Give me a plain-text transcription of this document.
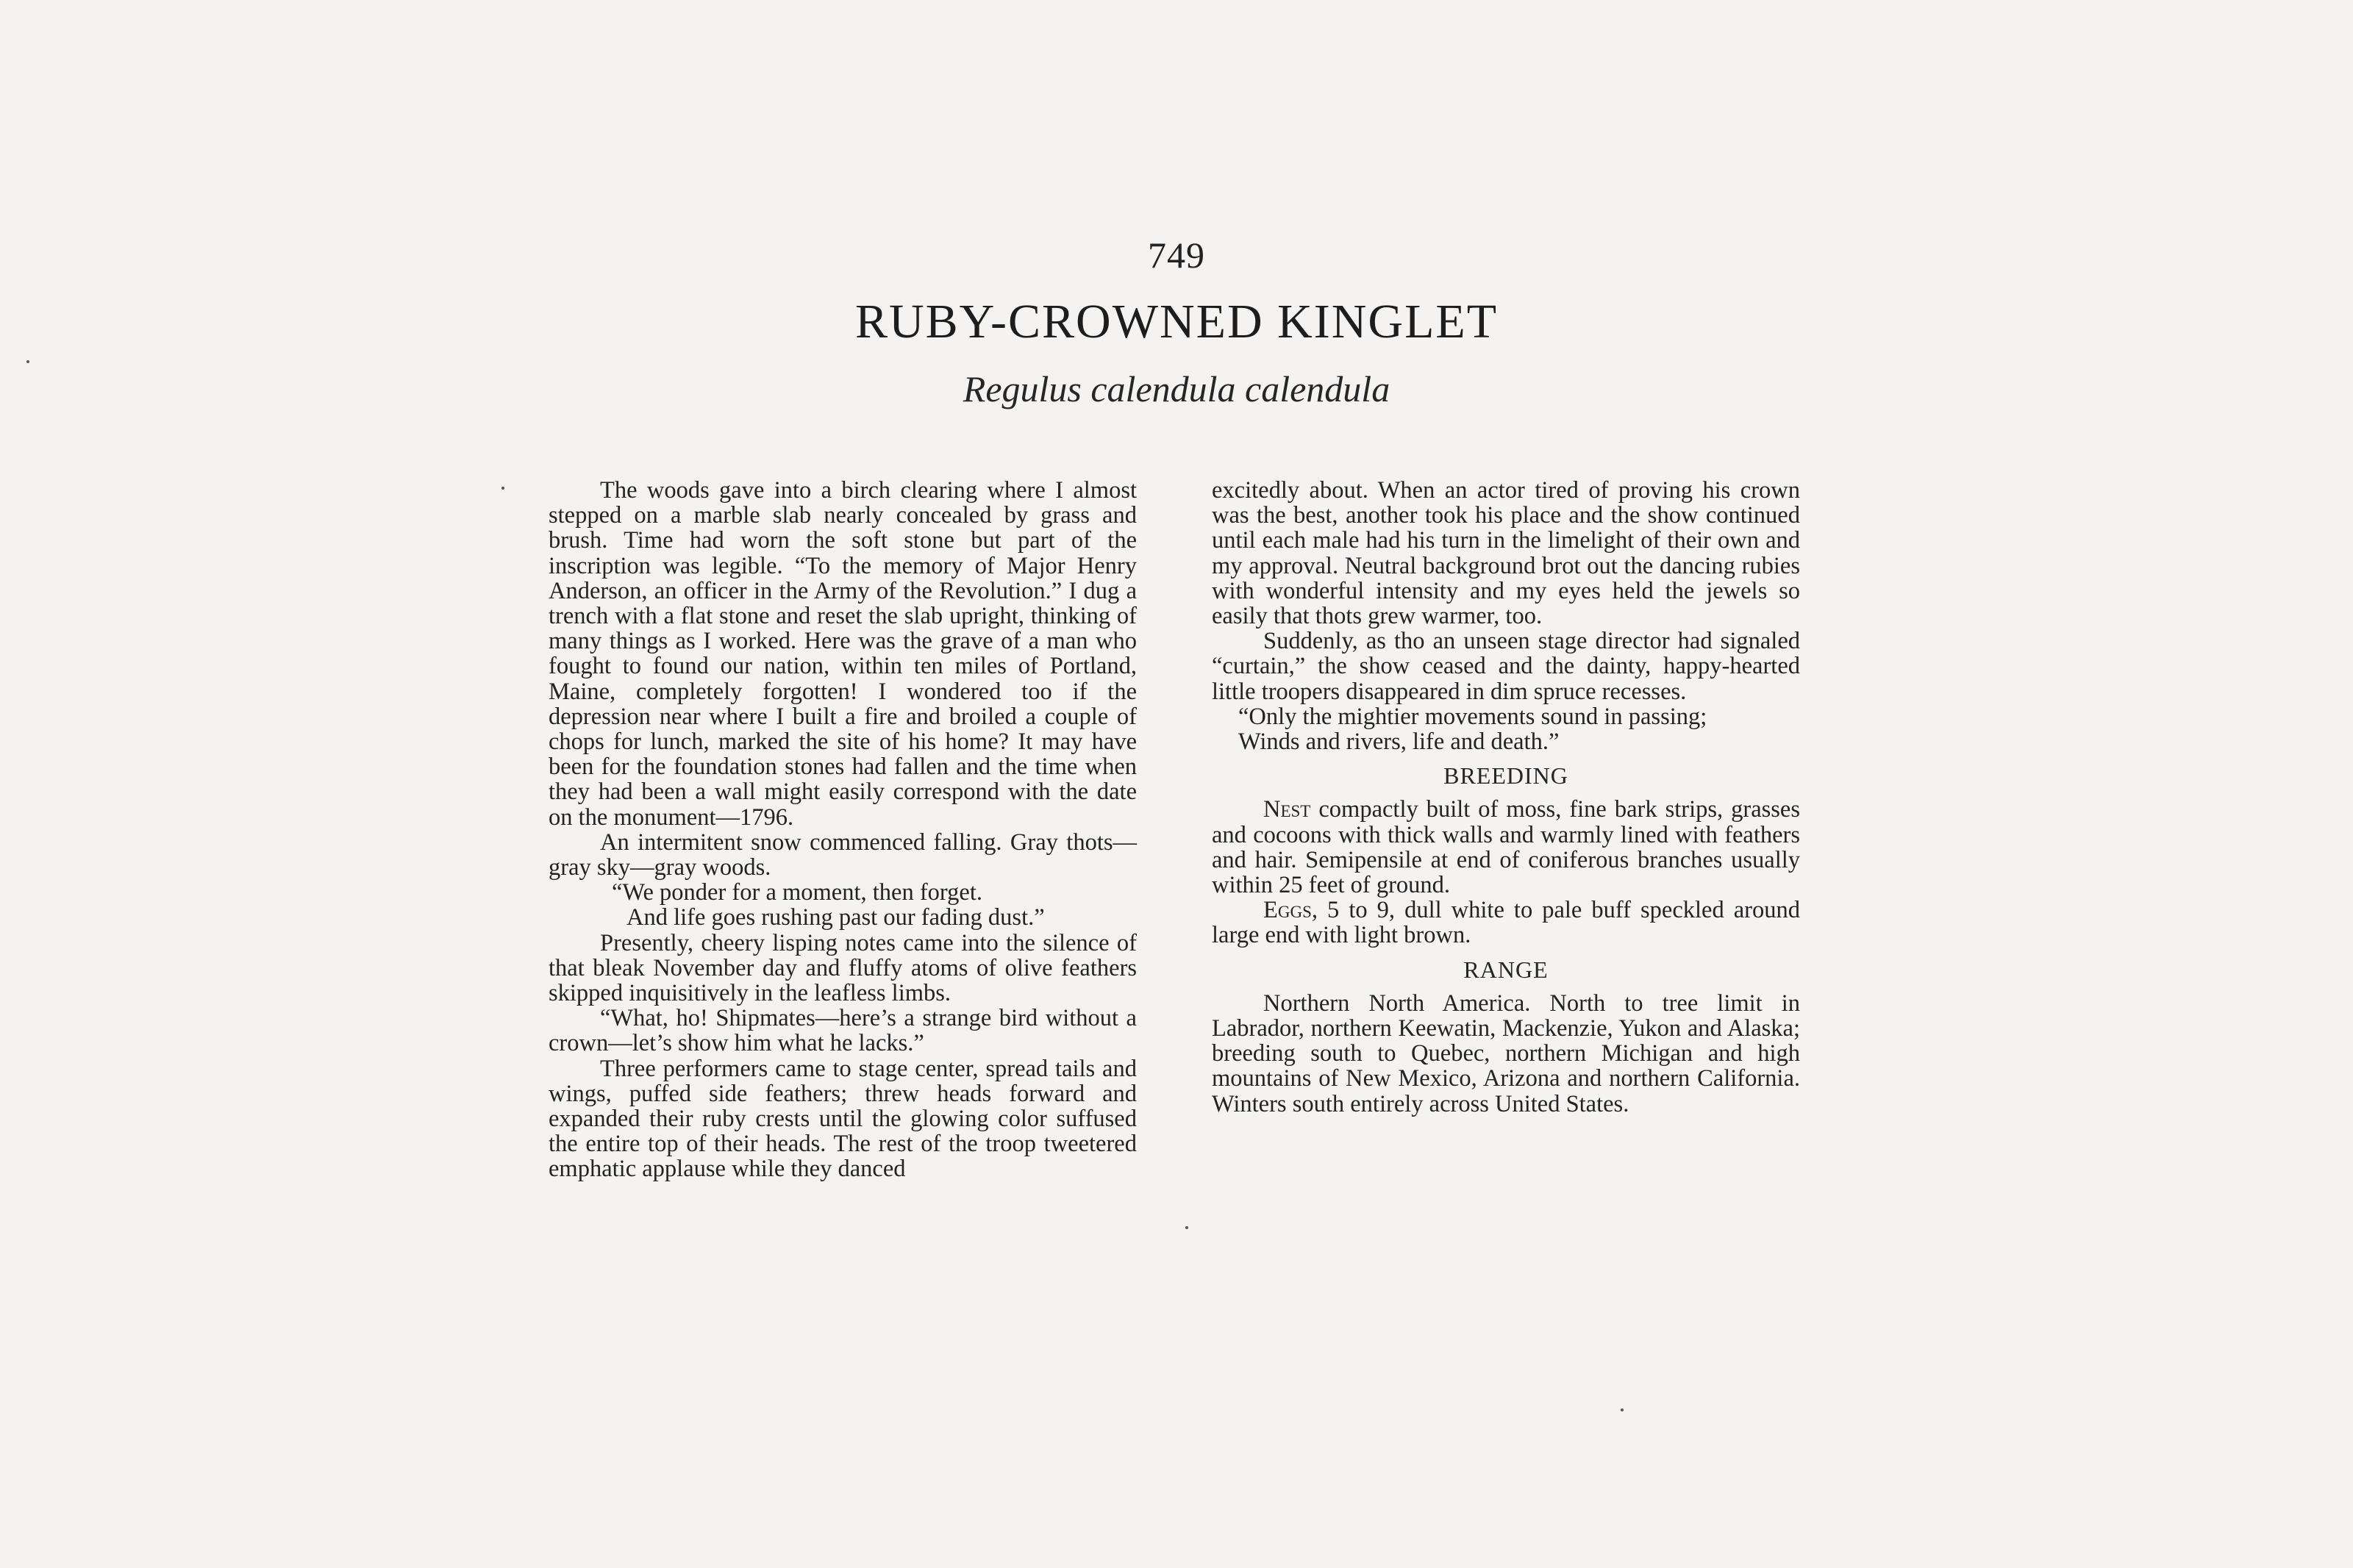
749
RUBY-CROWNED KINGLET
Regulus calendula calendula

The woods gave into a birch clearing where I almost stepped on a marble slab nearly concealed by grass and brush. Time had worn the soft stone but part of the inscription was legible. “To the memory of Major Henry Anderson, an officer in the Army of the Revolution.” I dug a trench with a flat stone and reset the slab upright, thinking of many things as I worked. Here was the grave of a man who fought to found our nation, within ten miles of Portland, Maine, completely forgotten! I wondered too if the depression near where I built a fire and broiled a couple of chops for lunch, marked the site of his home? It may have been for the foundation stones had fallen and the time when they had been a wall might easily correspond with the date on the monument—1796.

An intermitent snow commenced falling. Gray thots—gray sky—gray woods.

“We ponder for a moment, then forget.
And life goes rushing past our fading dust.”

Presently, cheery lisping notes came into the silence of that bleak November day and fluffy atoms of olive feathers skipped inquisitively in the leafless limbs.

“What, ho! Shipmates—here’s a strange bird without a crown—let’s show him what he lacks.”

Three performers came to stage center, spread tails and wings, puffed side feathers; threw heads forward and expanded their ruby crests until the glowing color suffused the entire top of their heads. The rest of the troop tweetered emphatic applause while they danced

excitedly about. When an actor tired of proving his crown was the best, another took his place and the show continued until each male had his turn in the limelight of their own and my approval. Neutral background brot out the dancing rubies with wonderful intensity and my eyes held the jewels so easily that thots grew warmer, too.

Suddenly, as tho an unseen stage director had signaled “curtain,” the show ceased and the dainty, happy-hearted little troopers disappeared in dim spruce recesses.

“Only the mightier movements sound in passing;
Winds and rivers, life and death.”
BREEDING

Nest compactly built of moss, fine bark strips, grasses and cocoons with thick walls and warmly lined with feathers and hair. Semipensile at end of coniferous branches usually within 25 feet of ground.

Eggs, 5 to 9, dull white to pale buff speckled around large end with light brown.

RANGE

Northern North America. North to tree limit in Labrador, northern Keewatin, Mackenzie, Yukon and Alaska; breeding south to Quebec, northern Michigan and high mountains of New Mexico, Arizona and northern California. Winters south entirely across United States.
